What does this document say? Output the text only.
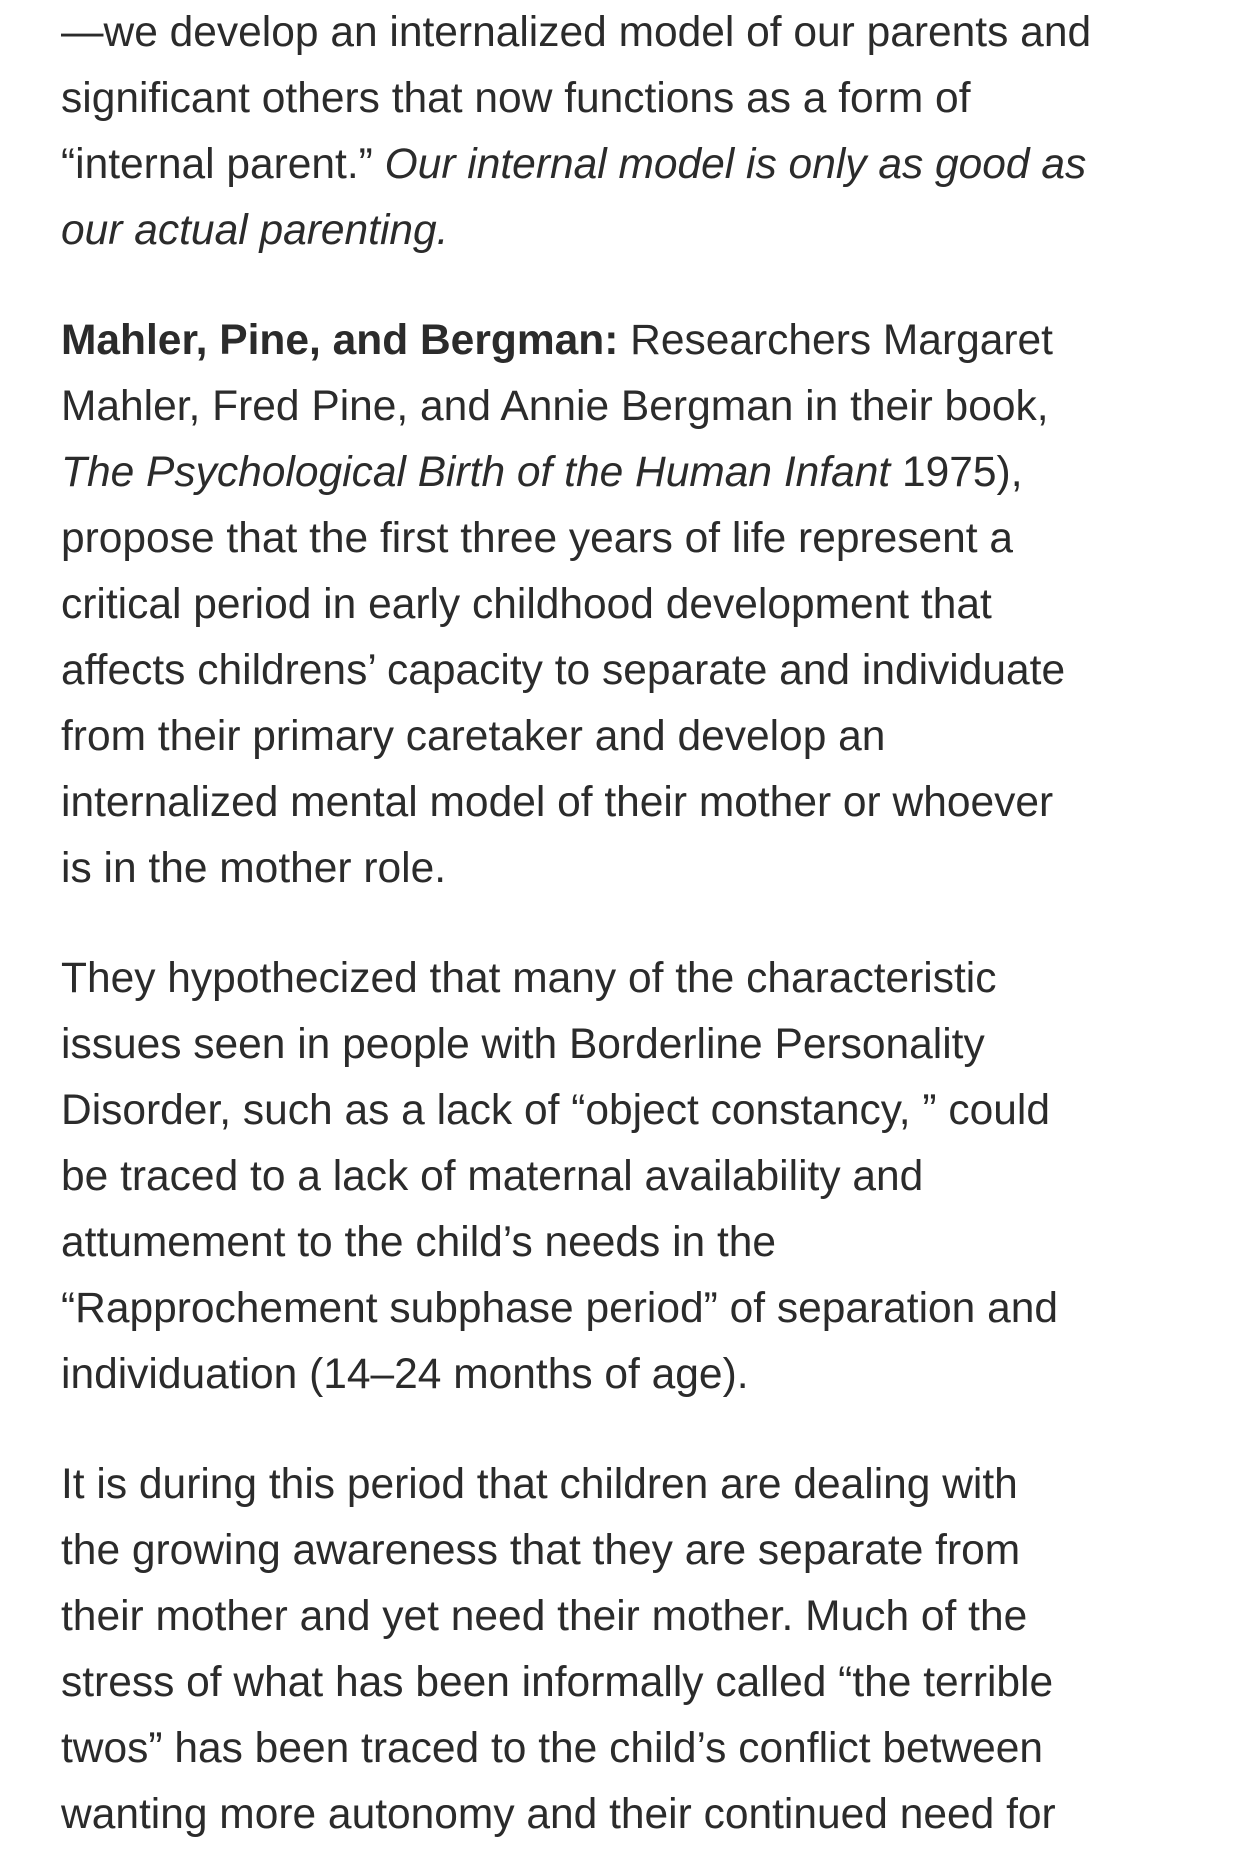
—we develop an internalized model of our parents and
significant others that now functions as a form of
“internal parent.” Our internal model is only as good as
our actual parenting.

Mahler, Pine, and Bergman: Researchers Margaret
Mahler, Fred Pine, and Annie Bergman in their book,
The Psychological Birth of the Human Infant 1975),
propose that the first three years of life represent a
critical period in early childhood development that
affects childrens’ capacity to separate and individuate
from their primary caretaker and develop an
internalized mental model of their mother or whoever
is in the mother role.

They hypothecized that many of the characteristic
issues seen in people with Borderline Personality
Disorder, such as a lack of “object constancy, ” could
be traced to a lack of maternal availability and
attumement to the child’s needs in the
“Rapprochement subphase period” of separation and
individuation (14–24 months of age).

It is during this period that children are dealing with
the growing awareness that they are separate from
their mother and yet need their mother. Much of the
stress of what has been informally called “the terrible
twos” has been traced to the child’s conflict between
wanting more autonomy and their continued need for
